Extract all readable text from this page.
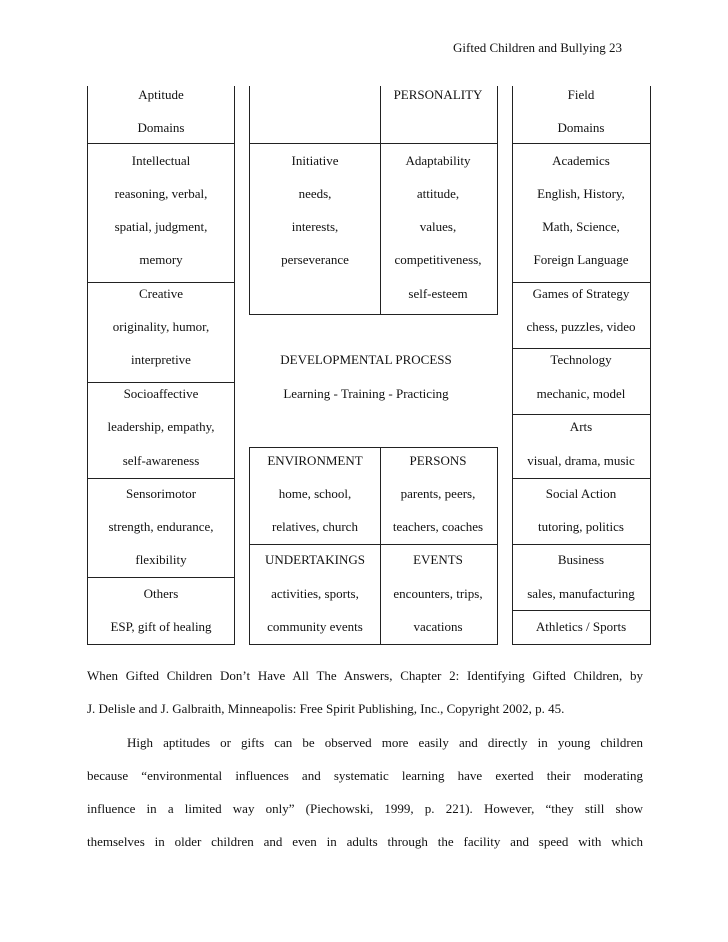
Gifted Children and Bullying 23
Aptitude
Domains
Intellectual
reasoning, verbal,
spatial, judgment,
memory
Creative
originality, humor,
interpretive
Socioaffective
leadership, empathy,
self-awareness
Sensorimotor
strength, endurance,
flexibility
Others
ESP, gift of healing
PERSONALITY
Initiative
needs,
interests,
perseverance
Adaptability
attitude,
values,
competitiveness,
self-esteem
DEVELOPMENTAL PROCESS
Learning - Training - Practicing
ENVIRONMENT
home, school,
relatives, church
PERSONS
parents, peers,
teachers, coaches
UNDERTAKINGS
activities, sports,
community events
EVENTS
encounters, trips,
vacations
Field
Domains
Academics
English, History,
Math, Science,
Foreign Language
Games of Strategy
chess, puzzles, video
Technology
mechanic, model
Arts
visual, drama, music
Social Action
tutoring, politics
Business
sales, manufacturing
Athletics / Sports
When Gifted Children Don’t Have All The Answers, Chapter 2: Identifying Gifted Children, by
J. Delisle and J. Galbraith, Minneapolis: Free Spirit Publishing, Inc., Copyright 2002, p. 45.
High aptitudes or gifts can be observed more easily and directly in young children
because “environmental influences and systematic learning have exerted their moderating
influence in a limited way only” (Piechowski, 1999, p. 221). However, “they still show
themselves in older children and even in adults through the facility and speed with which
